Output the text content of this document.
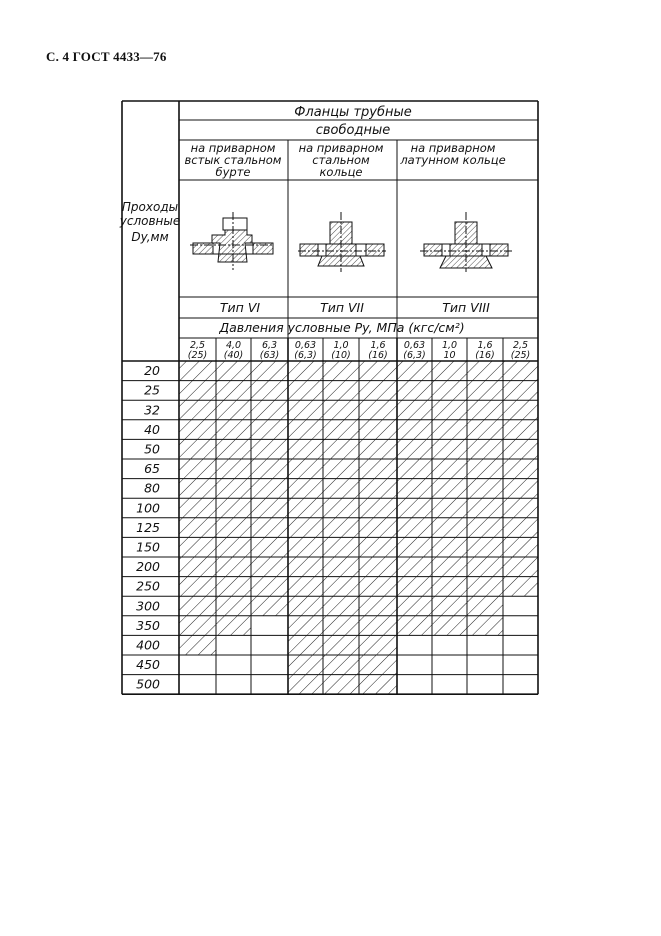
С. 4 ГОСТ 4433—76
Проходы
условные
Dy,мм
Фланцы трубные
свободные
на приварном
встык стальном
бурте
на приварном
стальном
кольце
на приварном
латунном кольце
Тип VI	Тип VII	Тип VIII
Давления условные Py, МПа (кгс/см²)
2,5
(25)
4,0
(40)
6,3
(63)
0,63
(6,3)
1,0
(10)
1,6
(16)
0,63
(6,3)
1,0
10
1,6
(16)
2,5
(25)
20
25
32
40
50
65
80
100
125
150
200
250
300
350
400
450
500
